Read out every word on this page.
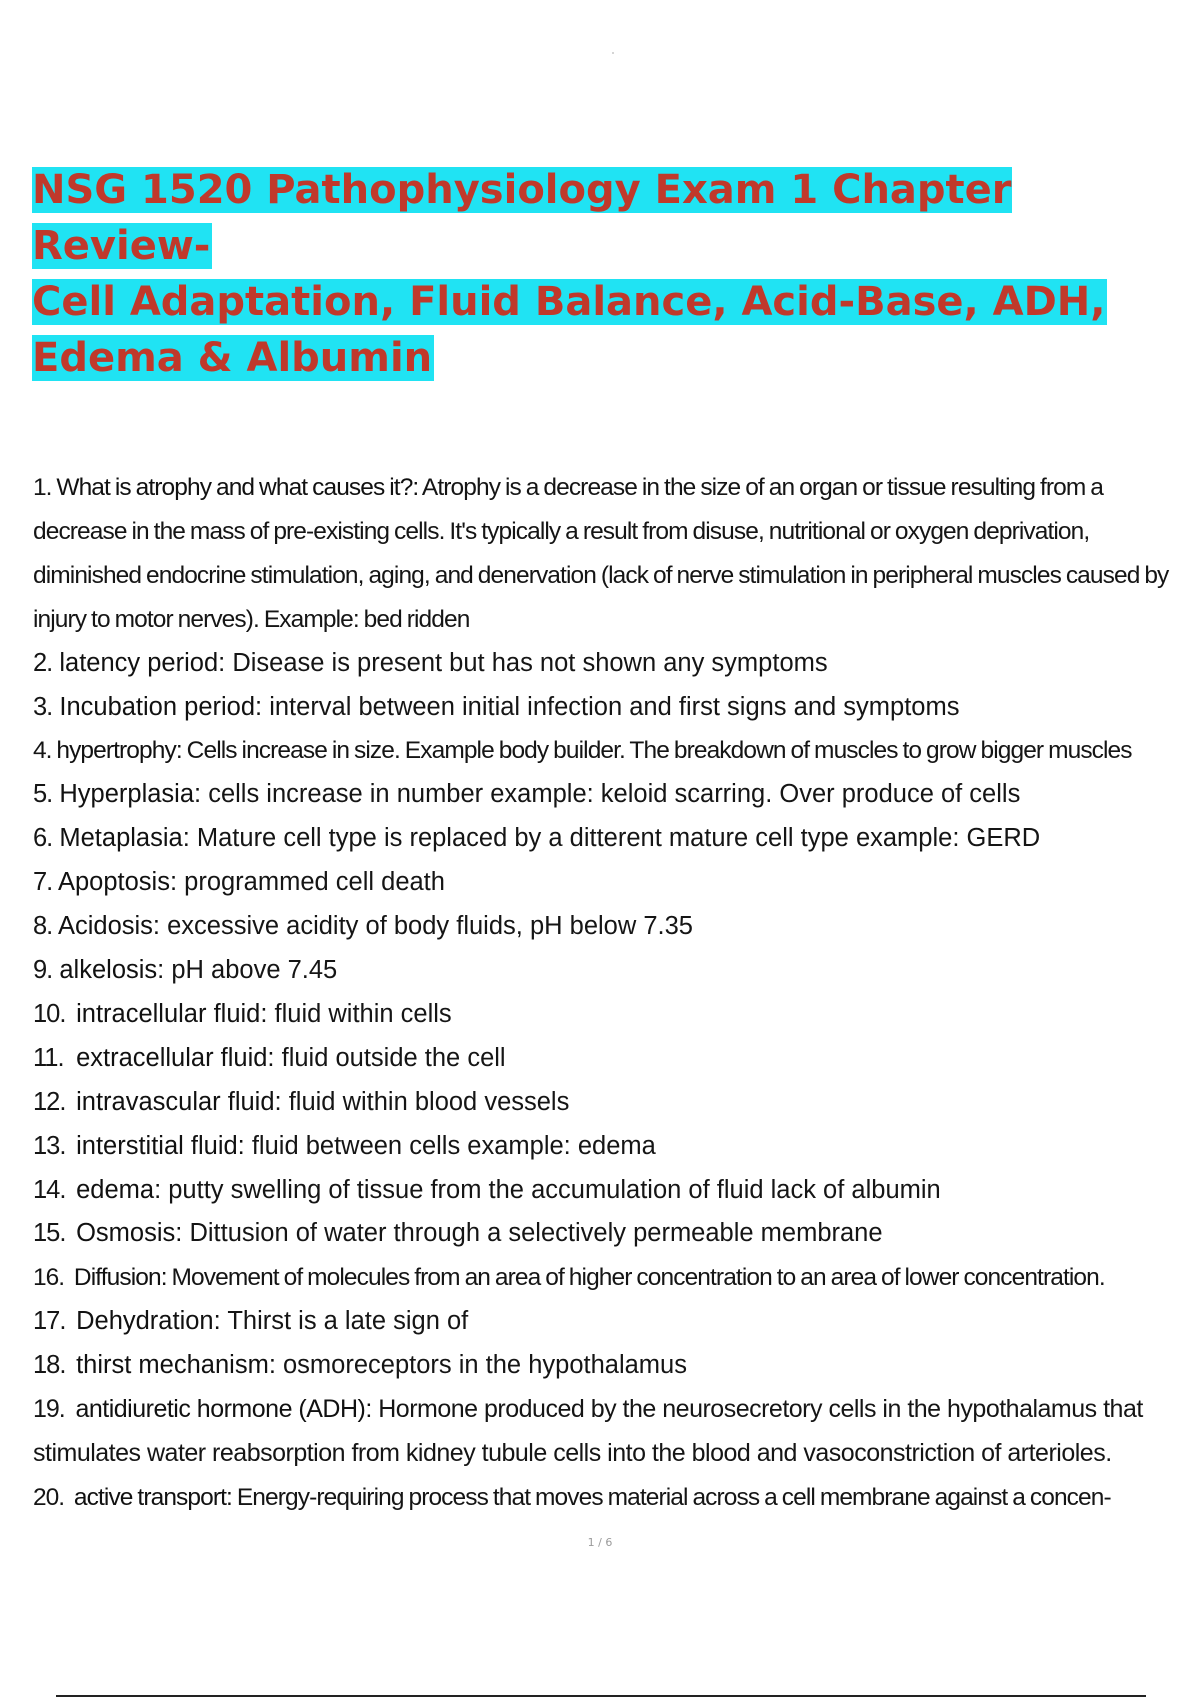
NSG 1520 Pathophysiology Exam 1 Chapter Review-
Cell Adaptation, Fluid Balance, Acid-Base, ADH,
Edema & Albumin
1. What is atrophy and what causes it?: Atrophy is a decrease in the size of an organ or tissue resulting from a decrease in the mass of pre-existing cells. It's typically a result from disuse, nutritional or oxygen deprivation, diminished endocrine stimulation, aging, and denervation (lack of nerve stimulation in peripheral muscles caused by injury to motor nerves). Example: bed ridden
2. latency period: Disease is present but has not shown any symptoms
3. Incubation period: interval between initial infection and first signs and symptoms
4. hypertrophy: Cells increase in size. Example body builder. The breakdown of muscles to grow bigger muscles
5. Hyperplasia: cells increase in number example: keloid scarring. Over produce of cells
6. Metaplasia: Mature cell type is replaced by a ditterent mature cell type example: GERD
7. Apoptosis: programmed cell death
8. Acidosis: excessive acidity of body fluids, pH below 7.35
9. alkelosis: pH above 7.45
10. intracellular fluid: fluid within cells
11. extracellular fluid: fluid outside the cell
12. intravascular fluid: fluid within blood vessels
13. interstitial fluid: fluid between cells example: edema
14. edema: putty swelling of tissue from the accumulation of fluid lack of albumin
15. Osmosis: Dittusion of water through a selectively permeable membrane
16. Diffusion: Movement of molecules from an area of higher concentration to an area of lower concentration.
17. Dehydration: Thirst is a late sign of
18. thirst mechanism: osmoreceptors in the hypothalamus
19. antidiuretic hormone (ADH): Hormone produced by the neurosecretory cells in the hypothalamus that stimulates water reabsorption from kidney tubule cells into the blood and vasoconstriction of arterioles.
20. active transport: Energy-requiring process that moves material across a cell membrane against a concen-
1 / 6
